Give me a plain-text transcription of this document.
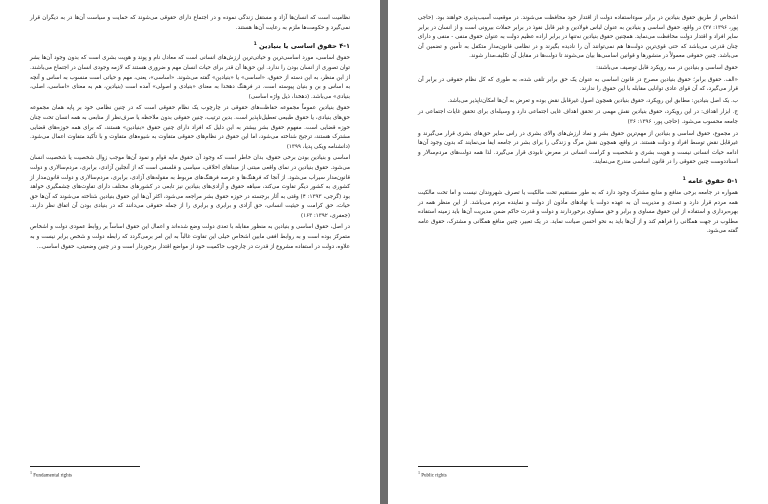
نظامیت است که انسان‌ها آزاد و مستقل زندگی نموده و در اجتماع دارای حقوقی می‌شوند که حمایت و سیاست آن‌ها در به دیگران قرار نمی‌گیرد و حکومت‌ها ملزم به رعایت آن‌ها هستند.

۴-۱ حقوق اساسی یا بنیادین $^1$

حقوق اساسی، مورد اساسی‌ترین و حیاتی‌ترین ارزش‌های انسانی است که معادل نام و پوند و هویت بشری است که بدون وجود آن‌ها بشر توان تصوری از انسان بودن را ندارد. این حق‌ها آن قدر برای حیات انسان مهم و ضروری هستند که لازمه وجودی انسان در اجتماع می‌باشند. از این منظر، به این دسته از حقوق، «اساسی» یا «بنیادین» گفته می‌شوند. «اساسی»، یعنی، مهم و حیاتی است منسوب به اساس و آنچه به اساس و بن و بنیان پیوسته است. در فرهنگ دهخدا به معنای «بنیادی و اصولی» آمده است (بنیادین، هم به معنای «اساسی، اصلی، بنیادی» می‌باشد. (دهخدا، ذیل واژه اساسی)

حقوق بنیادین عموماً مجموعه حفاظت‌های حقوقی در چارچوب یک نظام حقوقی است که در چنین نظامی خود بر پایه همان مجموعه حق‌های بنیادی، یا حقوق طبیعی تعطیل‌ناپذیر است. بدین ترتیب، چنین حقوقی بدون ملاحظه یا صرف‌نظر از منابعی به همه انسان تحت چنان حوزه قضایی است. مفهوم حقوق بشر بیشتر به این دلیل که افراد دارای چنین حقوق «بنیادین» هستند، که برای همه حوزه‌های قضایی مشترک هستند، ترجیح شناخته می‌شود، اما این حقوق در نظام‌های حقوقی متفاوت به شیوه‌های متفاوت و با تأکید متفاوت اعمال می‌شود. (دانشنامه ویکی پدیا، ۱۳۹۹)

اساسی و بنیادین بودن برخی حقوق، بدان خاطر است که وجود آن حقوق مایه قوام و نمود آن‌ها موجب زوال شخصیت یا شخصیت انسان می‌شود. حقوق بنیادین در نمای واقعی مبتنی از مبناهای اخلاقی، سیاسی و فلسفی است که از آنجلین آزادی، برابری، مردم‌سالاری و دولت قانون‌مدار سیراب می‌شود. از آنجا که فرهنگ‌ها و عرصه فرهنگ‌های مربوط به مقوله‌های آزادی، برابری، مردم‌سالاری و دولت قانون‌مدار از کشوری به کشور دیگر تفاوت می‌کند، سیاهه حقوق و آزادی‌های بنیادین نیز تابعی در کشورهای مختلف دارای تفاوت‌های چشمگیری خواهد بود (گرجی، ۱۳۹۳: ۴) وقتی به آثار برجسته در حوزه حقوق بشر مراجعه می‌شود، اکثر آن‌ها این حقوق بنیادین شناخته می‌شوند که آن‌ها حق حیات، حق کرامت و حیثیت انسانی، حق آزادی و برابری و برابری را از جمله حقوقی می‌دانند که در بنیادی بودن آن اتفاق نظر دارند. (جعفری، ۱۳۹۲: ۱۶۳)

در اصل، حقوق اساسی و بنیادین به منظور مقابله با تعدی دولت وضع شده‌اند و اعمال این حقوق اساساً بر روابط عمودی دولت و اشخاص متمرکز بوده است و به روابط افقی مابین اشخاص خیلی این تفاوت غالباً به این امر برمی‌گردد که رابطه دولت و شخص برابر نیست و به علاوه، دولت در استفاده مشروع از قدرت در چارچوب حاکمیت خود از مواضع اقتدار برخوردار است و در چنین وضعیتی، حقوق اساسی...

$^1$ Fundamental rights

اشخاص از طریق حقوق بنیادین در برابر سوءاستفاده دولت از اقتدار خود محافظت می‌شوند. در موقعیت آسیب‌پذیری خواهند بود. (حاجی پور، ۱۳۹۶: ۳۷) در واقع، حقوق اساسی و بنیادین به عنوان لباس فولادین و غیر قابل نفوذ در برابر حملات بیرونی است و از انسان در برابر سایر افراد و اقتدار دولت محافظت می‌نماید. همچنین حقوق بنیادین نه‌تنها در برابر اراده عظیم دولت به عنوان حقوق منفی - منفی و دارای چنان قدرتی می‌باشد که حتی قوی‌ترین دولت‌ها هم نمی‌توانند آن را نادیده بگیرند و در نظامی قانون‌مدار متکفل به تأمین و تضمین آن می‌باشد. چنین حقوقی معمولاً در منشورها و قوانین اساسی‌ها بیان می‌شوند تا دولت‌ها در مقابل آن تکلیف‌مدار شوند.

حقوق اساسی و بنیادین در سه رویکرد قابل توصیف می‌باشند:

«الف. حقوق برابر؛ حقوق بنیادین مصرح در قانون اساسی به عنوان یک حق برابر تلقی شده، به طوری که کل نظام حقوقی در برابر آن قرار می‌گیرد، که آن قوای عادی توانایی مقابله با این حقوق را ندارند.

ب. یک اصل بنیادین: مطابق این رویکرد، حقوق بنیادین همچون اصول غیرقابل نقض بوده و تعرض به آن‌ها امکان‌ناپذیر می‌باشد.

ج. ابزار اهداف: در این رویکرد، حقوق بنیادین نقش مهمی در تحقق اهداف غایی اجتماعی دارد و وسیله‌ای برای تحقق غایات اجتماعی در جامعه محسوب می‌شود. (حاجی پور، ۱۳۹۶: ۳۶)

در مجموع، حقوق اساسی و بنیادین از مهم‌ترین حقوق بشر و نماد ارزش‌های والای بشری در راس سایر حق‌های بشری قرار می‌گیرند و غیرقابل نقض توسط افراد و دولت هستند. در واقع، همچون نقش مرگ و زندگی را برای بشر در جامعه ایفا می‌نمایند که بدون وجود آن‌ها ادامه حیات انسانی نیست و هویت بشری و شخصیت و کرامت انسانی در معرض نابودی قرار می‌گیرد. لذا همه دولت‌های مردم‌سالار و اسناددوست چنین حقوقی را در قانون اساسی مندرج می‌نمایند.

۵-۱ حقوق عامه $^1$

همواره در جامعه برخی منافع و منابع مشترک وجود دارد که به طور مستقیم تحت مالکیت یا تصرف شهروندان نیست و اما تحت مالکیت همه مردم قرار دارد و تصدی و مدیریت آن به عهده دولت یا نهادهای مأذون از دولت و نماینده مردم می‌باشد. از این منظر همه در بهره‌برداری و استفاده از این حقوق مساوی و برابر و حق مساوی برخوردارند و دولت و قدرت حاکم ضمن مدیریت آن‌ها باید زمینه استفاده مطلوب در جهت همگانی را فراهم کند و از آن‌ها باید به نحو احسن صیانت نماید. در یک تعبیر، چنین منافع همگانی و مشترک، حقوق عامه گفته می‌شود.

$^1$ Public rights
